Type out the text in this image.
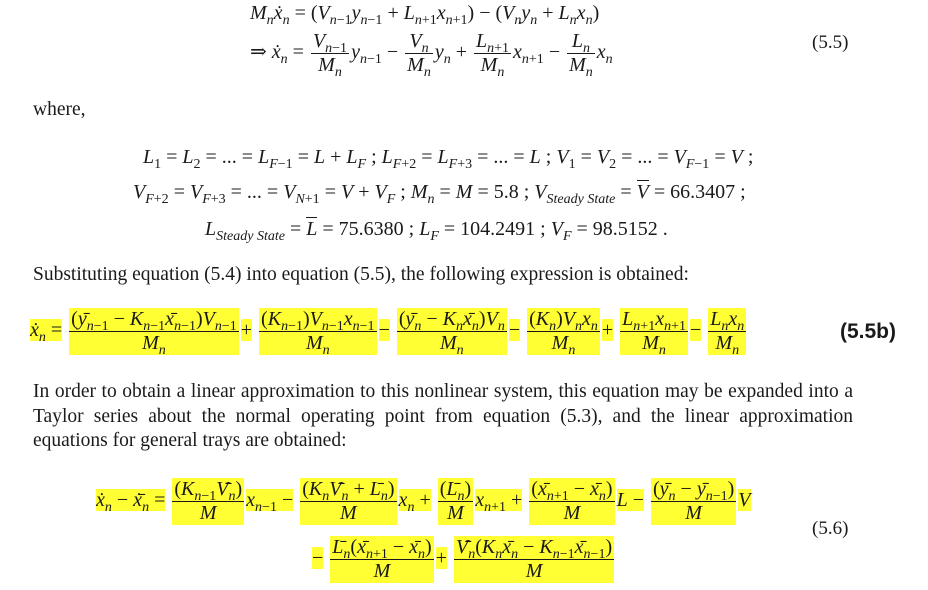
$M_nẋ_n = (V_{n-1}y_{n-1} + L_{n+1}x_{n+1}) - (V_ny_n + L_nx_n)$
⇒ $ẋ_n = \frac{V_{n-1}}{M_n} y_{n-1} - \frac{V_n}{M_n} y_n + \frac{L_{n+1}}{M_n} x_{n+1} - \frac{L_n}{M_n} x_n$
(5.5)
where,
$L_1 = L_2$ = ... = $L_{F-1} = L + L_F$ ; $L_{F+2} = L_{F+3}$ = ... = L ; $V_1 = V_2$ = ... = $V_{F-1} = V$ ;
$V_{F+2} = V_{F+3}$ = ... = $V_{N+1} = V + V_F$ ; $M_n = M = 5.8$ ; $V_{Steady State} = V = 66.3407$ ;
$L_{Steady State} = L = 75.6380$ ; $L_F = 104.2491$ ; $V_F = 98.5152$ .
Substituting equation (5.4) into equation (5.5), the following expression is obtained:
$ẋ_n = \frac{(y_{n-1} - K_{n-1}x_{n-1})V_{n-1}}{M_n} + \frac{(K_{n-1})V_{n-1}x_{n-1}}{M_n} - \frac{(y_n - K_nx_n)V_n}{M_n} - \frac{(K_n)V_nx_n}{M_n} + \frac{L_{n+1}x_{n+1}}{M_n} - \frac{L_nx_n}{M_n}$	(5.5b)
In order to obtain a linear approximation to this nonlinear system, this equation may be expanded into a Taylor series about the normal operating point from equation (5.3), and the linear approximation equations for general trays are obtained:
$ẋ_n$ − $ẋ_n = \frac{(K_{n-1}V_n)}{M} x_{n-1} - \frac{(K_nV_n + L_n)}{M} x_n + \frac{(L_n)}{M} x_{n+1} + \frac{(x_{n+1} - x_n)}{M}$ $L - \frac{(y_n - y_{n-1})}{M}$ V
(5.6)
− $\frac{L_n(x_{n+1} - x_n)}{M} + \frac{V_n(K_nx_n - K_{n-1}x_{n-1})}{M}$
